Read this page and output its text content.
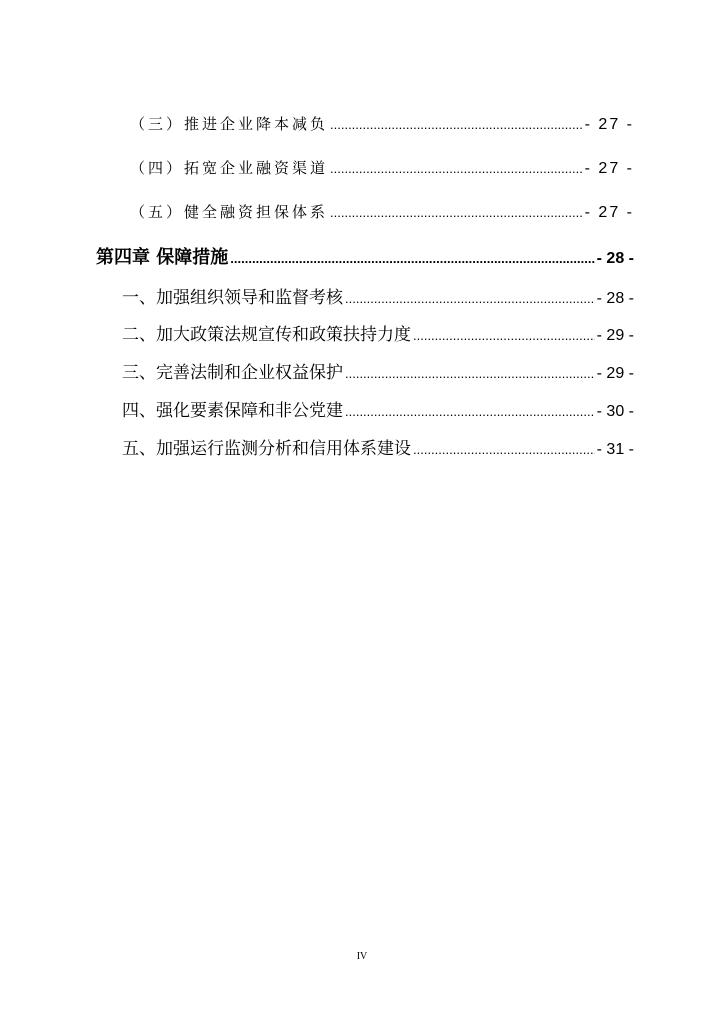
（三）推进企业降本减负 .....	- 27 -
（四）拓宽企业融资渠道 .....	- 27 -
（五）健全融资担保体系 .....	- 27 -
第四章 保障措施 .....	- 28 -
一、加强组织领导和监督考核 .....	- 28 -
二、加大政策法规宣传和政策扶持力度 .....	- 29 -
三、完善法制和企业权益保护 .....	- 29 -
四、强化要素保障和非公党建 .....	- 30 -
五、加强运行监测分析和信用体系建设 .....	- 31 -
IV
